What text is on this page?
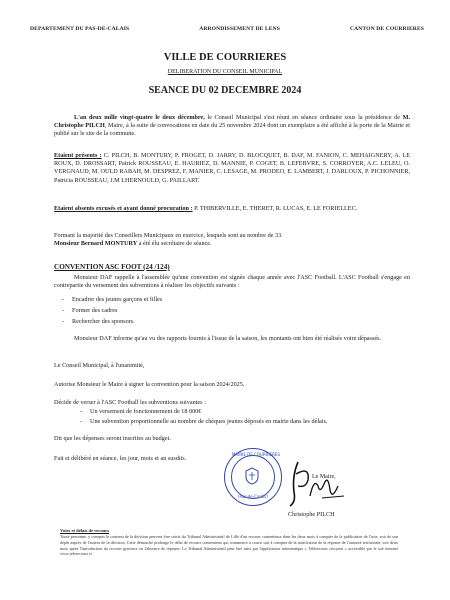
DEPARTEMENT DU PAS-DE-CALAIS	ARRONDISSEMENT DE LENS	CANTON DE COURRIERES
VILLE DE COURRIERES
DELIBERATION DU CONSEIL MUNICIPAL
SEANCE DU 02 DECEMBRE 2024
L'an deux mille vingt-quatre le deux décembre, le Conseil Municipal s'est réuni en séance ordinaire sous la présidence de M. Christophe PILCH, Maire, à la suite de convocations en date du 25 novembre 2024 dont un exemplaire a été affiché à la porte de la Mairie et publié sur le site de la commune.
Etaient présents : C. PILCH, B. MONTURY, P. FROGET, D. JARRY, D. BLOCQUET, B. DAF, M. FANION, C. MEHAIGNERY, A. LE ROUX, D. DROSSART, Patrick ROUSSEAU, E. HAURIEZ, D. MANNIE, P. COGET, B. LEFEBVRE, S. CORROYER, A.C. LELEU, O. VERGNAUD, M. OULD RABAH, M. DESPREZ, F. MANIER, C. LESAGE, M. PRODEO, E. LAMBERT, J. DARLOUX, P. PICHONNIER, Patricia ROUSSEAU, J.M LHERNOULD, G. PAILLART.
Etaient absents excusés et ayant donné procuration : P. THIBERVILLE, E. THERET, R. LUCAS, E. LE FORIELLEC.
Formant la majorité des Conseillers Municipaux en exercice, lesquels sont au nombre de 33.
Monsieur Bernard MONTURY a été élu secrétaire de séance.
CONVENTION ASC FOOT (24 /124)
Monsieur DAF rappelle à l'assemblée qu'une convention est signée chaque année avec l'ASC Football. L'ASC Football s'engage en contrepartie du versement des subventions à réaliser les objectifs suivants :
- Encadrer des jeunes garçons et filles
- Former des cadres
- Rechercher des sponsors.
Monsieur DAF informe qu'au vu des rapports fournis à l'issue de la saison, les montants ont bien été réalisés voire dépassés.
Le Conseil Municipal, à l'unanimité,
Autorise Monsieur le Maire à signer la convention pour la saison 2024/2025.
Décide de verser à l'ASC Football les subventions suivantes :
- Un versement de fonctionnement de 18 000€
- Une subvention proportionnelle au nombre de chèques jeunes déposés en mairie dans les délais.
Dit que les dépenses seront inscrites au budget.
Fait et délibéré en séance, les jour, mois et an susdits.
MAIRIE DE COURRIERES
(Pas-de-Calais)
Le Maire,
Christophe PILCH
Voies et délais de recours
Toute personne, y compris le contenu de la décision peuvent être saisis du Tribunal Administratif de Lille d'un recours contentieux dans les deux mois à compter de la publication de l'acte, soit de son dépôt auprès de l'auteur de la décision. Cette démarche prolonge le délai de recours contentieux qui commence à courir soit à compter de la notification de la réponse de l'autorité territoriale, soit deux mois après l'introduction du recours gracieux en l'absence de réponse. Le Tribunal Administratif peut être saisi par l'application informatique « Télérecours citoyens » accessible par le site internet www.telerecours.fr
